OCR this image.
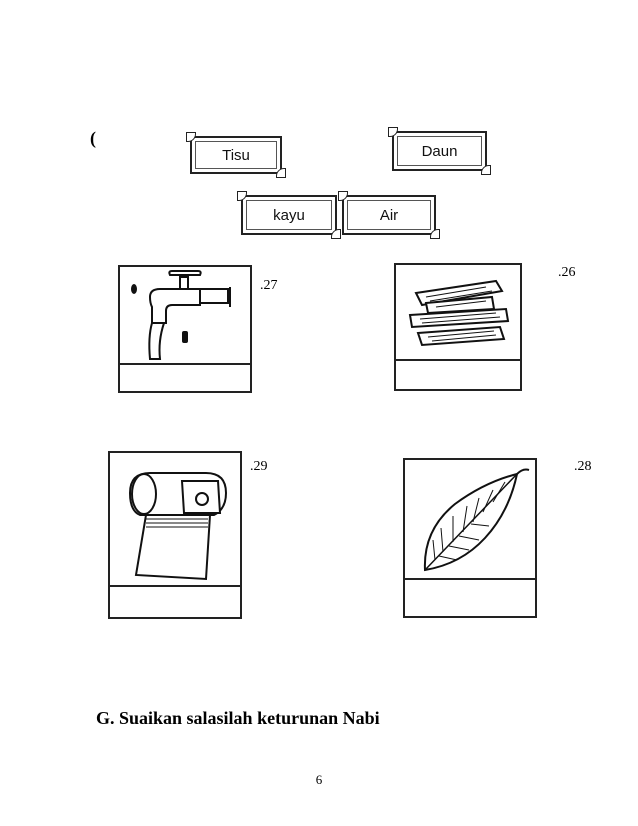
(
Tisu	Daun
kayu	Air
.27
.26
.29	.28
G. Suaikan salasilah keturunan Nabi
6
